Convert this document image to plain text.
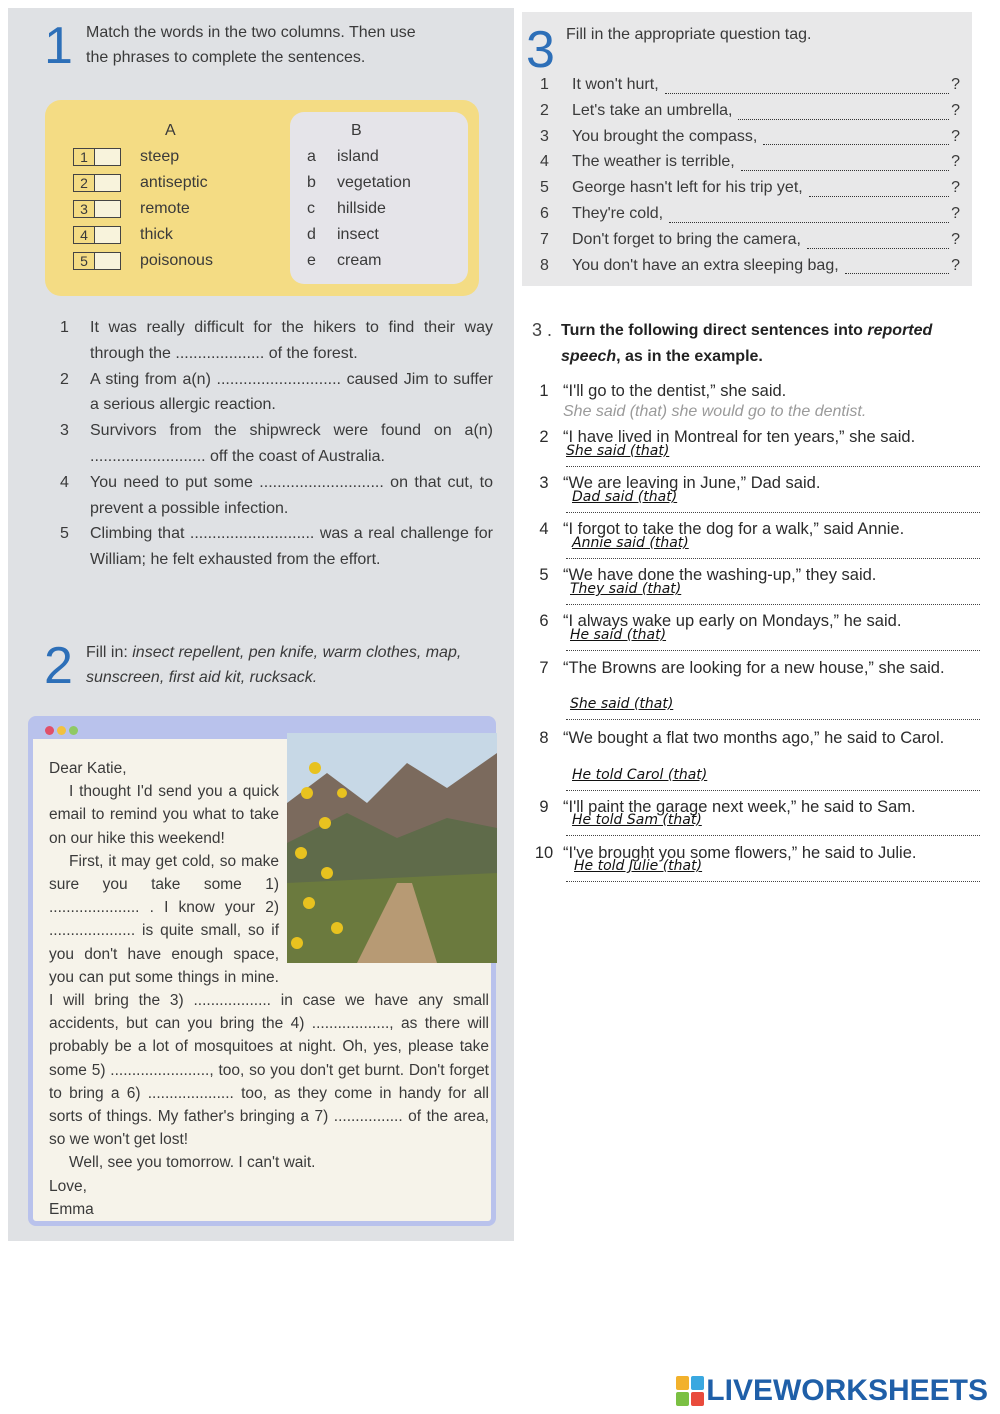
1 Match the words in the two columns. Then use
the phrases to complete the sentences.
A	B
1	steep	a island
2	antiseptic	b vegetation
3	remote	c hillside
4	thick	d insect
5	poisonous	e cream
1 It was really difficult for the hikers to find their way through the .................... of the forest.
2 A sting from a(n) ............................ caused Jim to suffer a serious allergic reaction.
3 Survivors from the shipwreck were found on a(n) .......................... off the coast of Australia.
4 You need to put some ............................ on that cut, to prevent a possible infection.
5 Climbing that ............................ was a real challenge for William; he felt exhausted from the effort.
2 Fill in: insect repellent, pen knife, warm clothes, map, sunscreen, first aid kit, rucksack.

Dear Katie,

I thought I'd send you a quick email to remind you what to take on our hike this weekend!

First, it may get cold, so make sure you take some 1) ..................... . I know your 2) .................... is quite small, so if you don't have enough space, you can put some things in mine. I will bring the 3) .................. in case we have any small accidents, but can you bring the 4) .................., as there will probably be a lot of mosquitoes at night. Oh, yes, please take some 5) ......................., too, so you don't get burnt. Don't forget to bring a 6) .................... too, as they come in handy for all sorts of things. My father's bringing a 7) ................ of the area, so we won't get lost!

Well, see you tomorrow. I can't wait.

Love,

Emma

3 Fill in the appropriate question tag.
1	It won't hurt,	?
2	Let's take an umbrella,	?
3	You brought the compass,	?
4	The weather is terrible,	?
5	George hasn't left for his trip yet,	?
6	They're cold,	?
7	Don't forget to bring the camera,	?
8	You don't have an extra sleeping bag,	?
3 . Turn the following direct sentences into reported
speech, as in the example.
1 “I'll go to the dentist,” she said.
She said (that) she would go to the dentist.
2 “I have lived in Montreal for ten years,” she said.
She said (that)
3 “We are leaving in June,” Dad said.
Dad said (that)
4 “I forgot to take the dog for a walk,” said Annie.
Annie said (that)
5 “We have done the washing-up,” they said.
They said (that)
6 “I always wake up early on Mondays,” he said.
He said (that)
7 “The Browns are looking for a new house,” she said.
She said (that)
8 “We bought a flat two months ago,” he said to Carol.
He told Carol (that)
9 “I'll paint the garage next week,” he said to Sam.
He told Sam (that)
10 “I've brought you some flowers,” he said to Julie.
He told Julie (that)
LIVEWORKSHEETS
